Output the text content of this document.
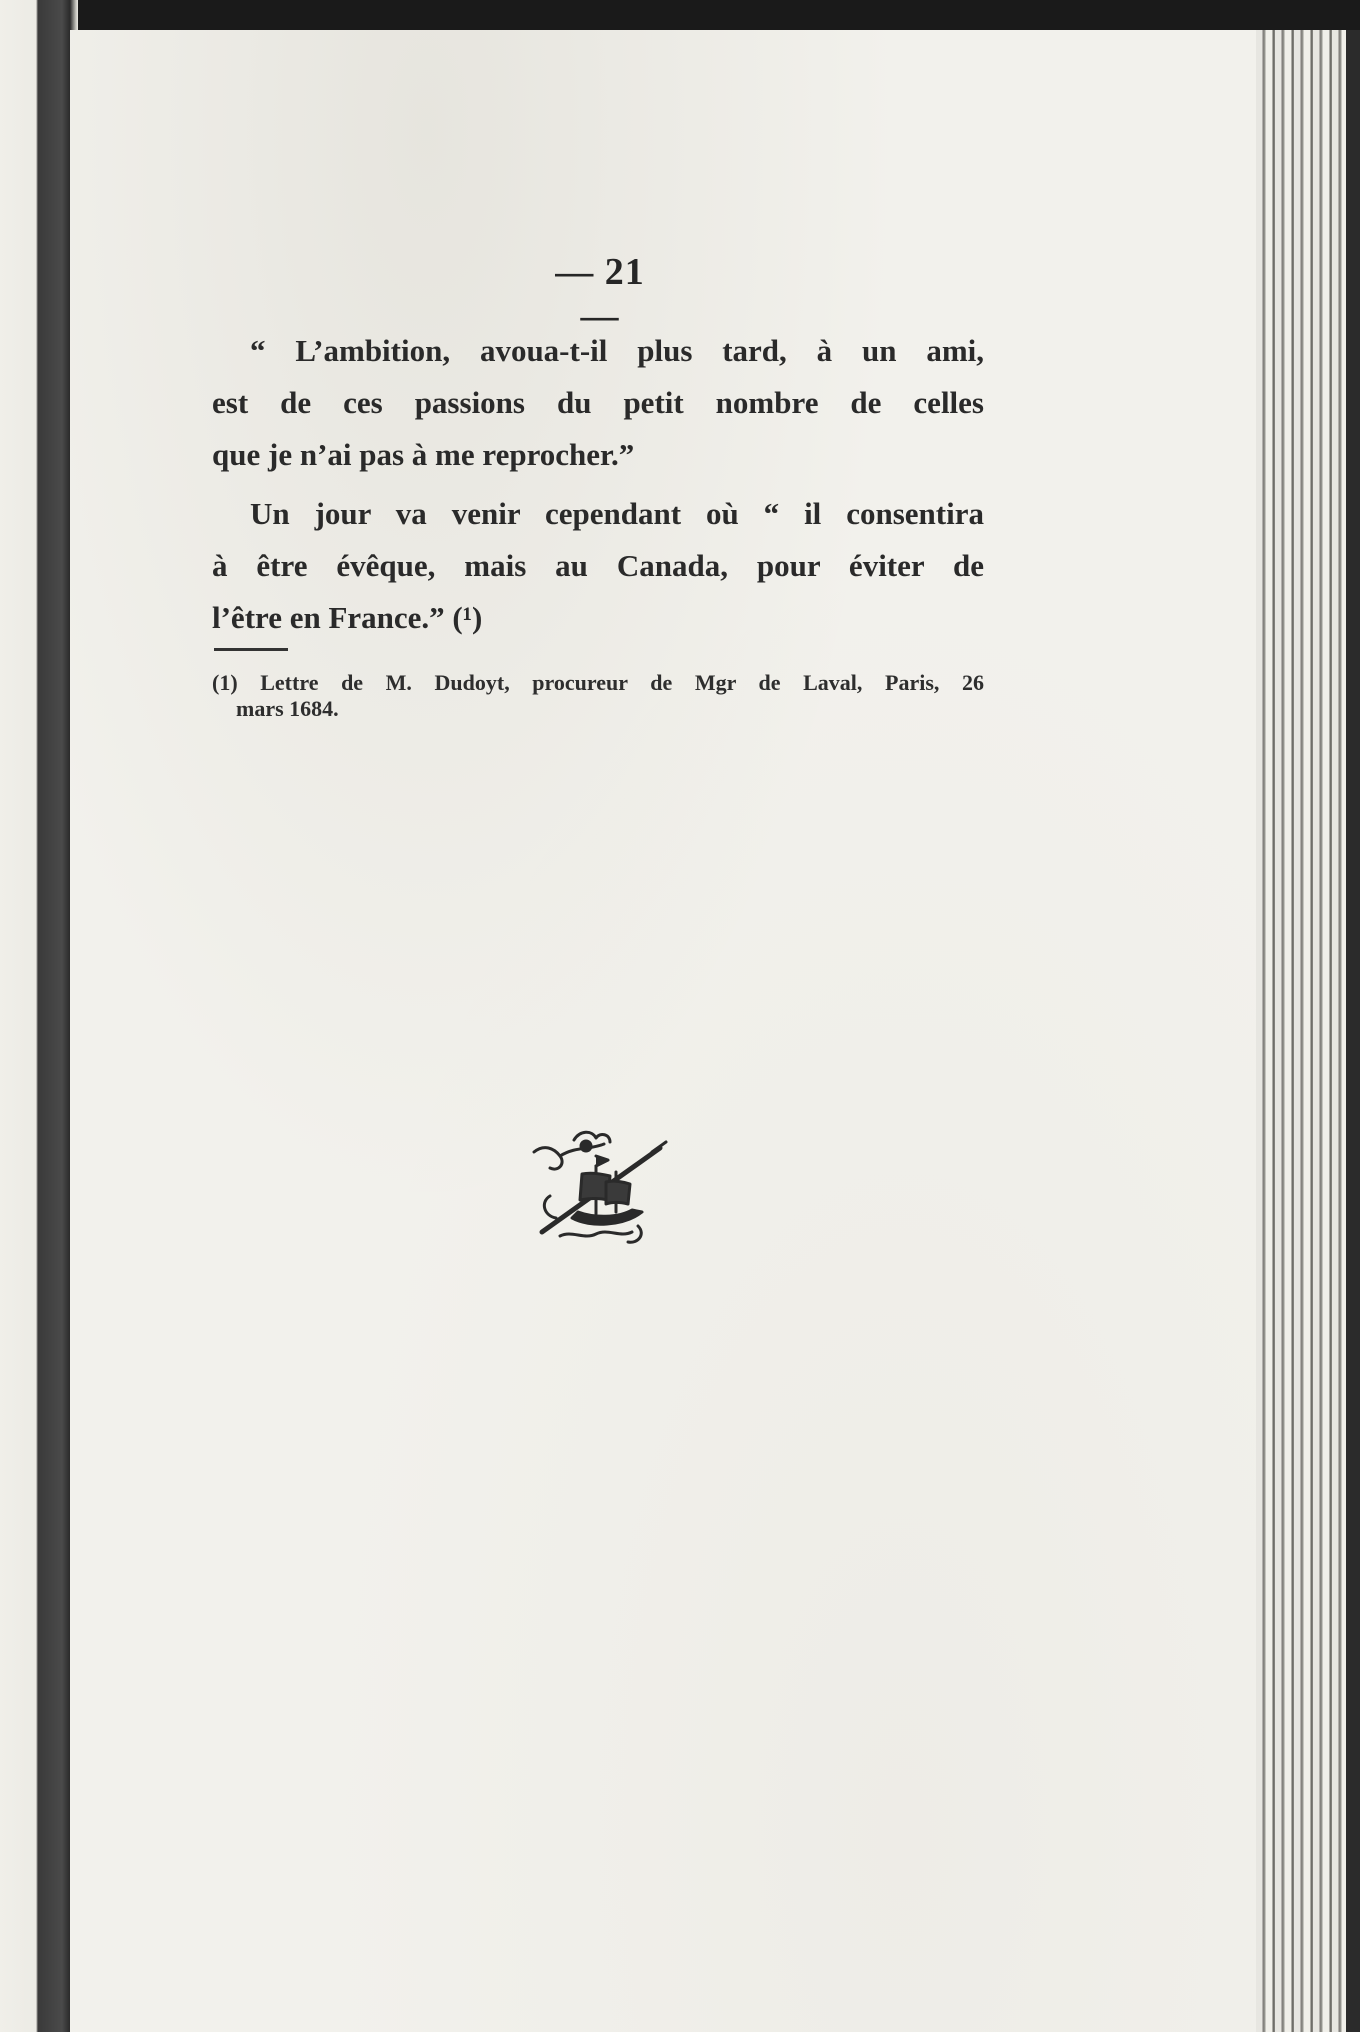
— 21 —
“ L’ambition, avoua-t-il plus tard, à un ami,
est de ces passions du petit nombre de celles
que je n’ai pas à me reprocher.”
Un jour va venir cependant où “ il consentira
à être évêque, mais au Canada, pour éviter de
l’être en France.” (¹)
(1) Lettre de M. Dudoyt, procureur de Mgr de Laval, Paris, 26
mars 1684.
